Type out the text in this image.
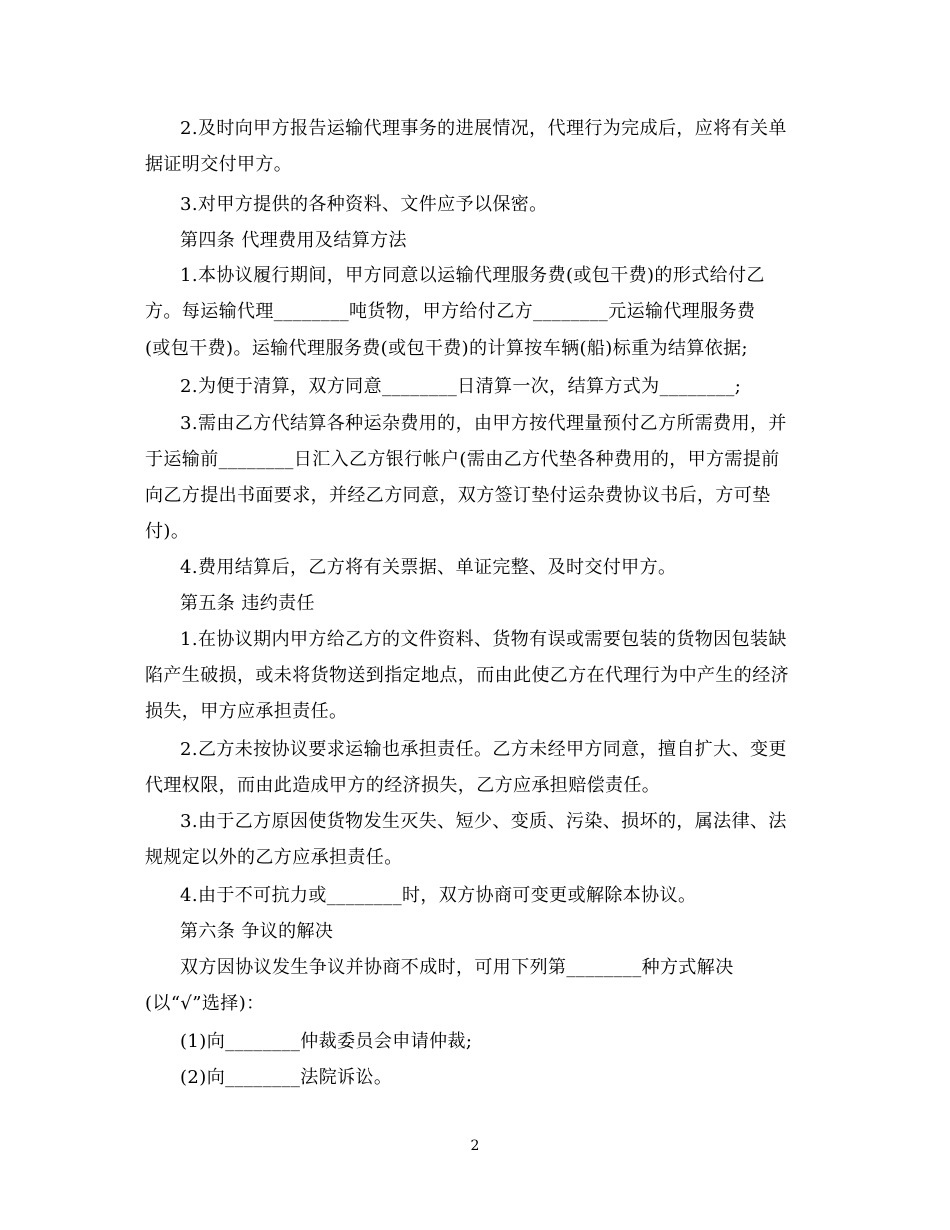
2.及时向甲方报告运输代理事务的进展情况，代理行为完成后，应将有关单
据证明交付甲方。
3.对甲方提供的各种资料、文件应予以保密。
第四条 代理费用及结算方法
1.本协议履行期间，甲方同意以运输代理服务费(或包干费)的形式给付乙
方。每运输代理________吨货物，甲方给付乙方________元运输代理服务费
(或包干费)。运输代理服务费(或包干费)的计算按车辆(船)标重为结算依据;
2.为便于清算，双方同意________日清算一次，结算方式为________;
3.需由乙方代结算各种运杂费用的，由甲方按代理量预付乙方所需费用，并
于运输前________日汇入乙方银行帐户(需由乙方代垫各种费用的，甲方需提前
向乙方提出书面要求，并经乙方同意，双方签订垫付运杂费协议书后，方可垫
付)。
4.费用结算后，乙方将有关票据、单证完整、及时交付甲方。
第五条 违约责任
1.在协议期内甲方给乙方的文件资料、货物有误或需要包装的货物因包装缺
陷产生破损，或未将货物送到指定地点，而由此使乙方在代理行为中产生的经济
损失，甲方应承担责任。
2.乙方未按协议要求运输也承担责任。乙方未经甲方同意，擅自扩大、变更
代理权限，而由此造成甲方的经济损失，乙方应承担赔偿责任。
3.由于乙方原因使货物发生灭失、短少、变质、污染、损坏的，属法律、法
规规定以外的乙方应承担责任。
4.由于不可抗力或________时，双方协商可变更或解除本协议。
第六条 争议的解决
双方因协议发生争议并协商不成时，可用下列第________种方式解决
(以“√”选择)：
(1)向________仲裁委员会申请仲裁;
(2)向________法院诉讼。
2
